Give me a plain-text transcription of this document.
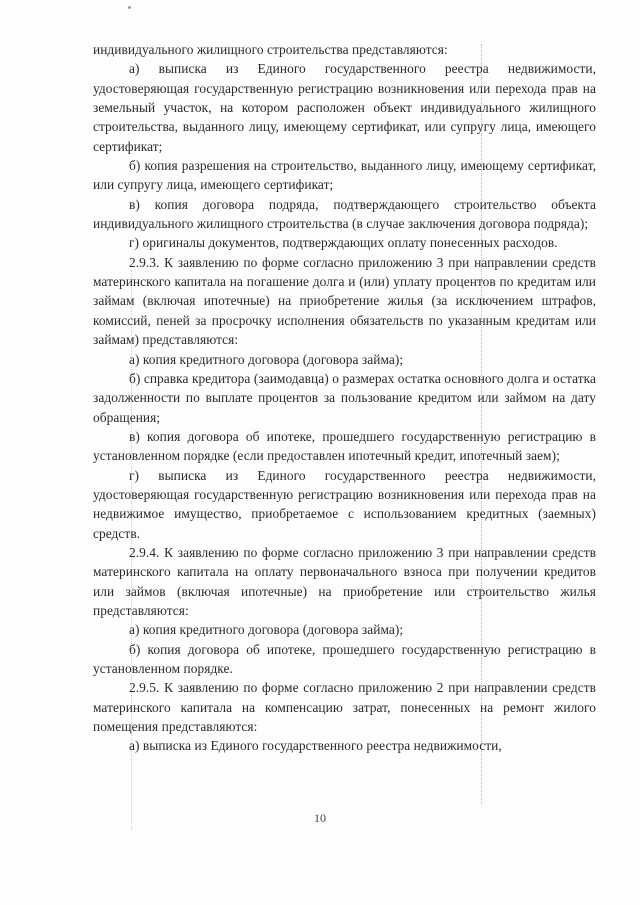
индивидуального жилищного строительства представляются:

а) выписка из Единого государственного реестра недвижимости, удостоверяющая государственную регистрацию возникновения или перехода прав на земельный участок, на котором расположен объект индивидуального жилищного строительства, выданного лицу, имеющему сертификат, или супругу лица, имеющего сертификат;

б) копия разрешения на строительство, выданного лицу, имеющему сертификат, или супругу лица, имеющего сертификат;

в) копия договора подряда, подтверждающего строительство объекта индивидуального жилищного строительства (в случае заключения договора подряда);

г) оригиналы документов, подтверждающих оплату понесенных расходов.

2.9.3. К заявлению по форме согласно приложению 3 при направлении средств материнского капитала на погашение долга и (или) уплату процентов по кредитам или займам (включая ипотечные) на приобретение жилья (за исключением штрафов, комиссий, пеней за просрочку исполнения обязательств по указанным кредитам или займам) представляются:

а) копия кредитного договора (договора займа);

б) справка кредитора (заимодавца) о размерах остатка основного долга и остатка задолженности по выплате процентов за пользование кредитом или займом на дату обращения;

в) копия договора об ипотеке, прошедшего государственную регистрацию в установленном порядке (если предоставлен ипотечный кредит, ипотечный заем);

г) выписка из Единого государственного реестра недвижимости, удостоверяющая государственную регистрацию возникновения или перехода прав на недвижимое имущество, приобретаемое с использованием кредитных (заемных) средств.

2.9.4. К заявлению по форме согласно приложению 3 при направлении средств материнского капитала на оплату первоначального взноса при получении кредитов или займов (включая ипотечные) на приобретение или строительство жилья представляются:

а) копия кредитного договора (договора займа);

б) копия договора об ипотеке, прошедшего государственную регистрацию в установленном порядке.

2.9.5. К заявлению по форме согласно приложению 2 при направлении средств материнского капитала на компенсацию затрат, понесенных на ремонт жилого помещения представляются:

а) выписка из Единого государственного реестра недвижимости,

10
